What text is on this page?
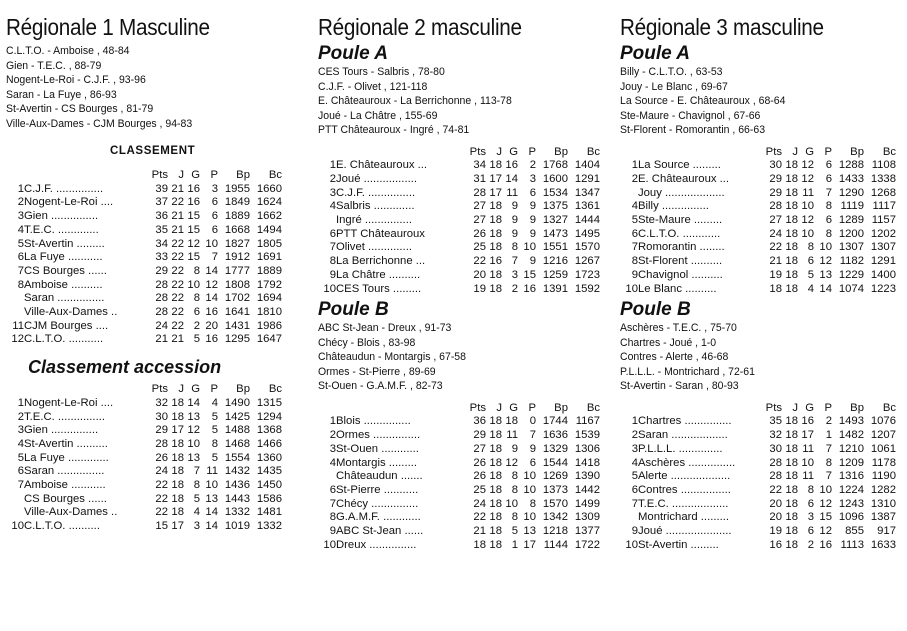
Régionale 1 Masculine
C.L.T.O. - Amboise , 48-84
Gien - T.E.C. , 88-79
Nogent-Le-Roi - C.J.F. , 93-96
Saran - La Fuye , 86-93
St-Avertin - CS Bourges , 81-79
Ville-Aux-Dames - CJM Bourges , 94-83
CLASSEMENT
		Pts	J	G	P	Bp	Bc
1	C.J.F. ...............	39	21	16	3	1955	1660
2	Nogent-Le-Roi ....	37	22	16	6	1849	1624
3	Gien ...............	36	21	15	6	1889	1662
4	T.E.C. .............	35	21	15	6	1668	1494
5	St-Avertin .........	34	22	12	10	1827	1805
6	La Fuye ...........	33	22	15	7	1912	1691
7	CS Bourges ......	29	22	8	14	1777	1889
8	Amboise ..........	28	22	10	12	1808	1792
	Saran ...............	28	22	8	14	1702	1694
	Ville-Aux-Dames ..	28	22	6	16	1641	1810
11	CJM Bourges ....	24	22	2	20	1431	1986
12	C.L.T.O. ...........	21	21	5	16	1295	1647
Classement accession
		Pts	J	G	P	Bp	Bc
1	Nogent-Le-Roi ....	32	18	14	4	1490	1315
2	T.E.C. ...............	30	18	13	5	1425	1294
3	Gien ...............	29	17	12	5	1488	1368
4	St-Avertin ..........	28	18	10	8	1468	1466
5	La Fuye .............	26	18	13	5	1554	1360
6	Saran ...............	24	18	7	11	1432	1435
7	Amboise ...........	22	18	8	10	1436	1450
	CS Bourges ......	22	18	5	13	1443	1586
	Ville-Aux-Dames ..	22	18	4	14	1332	1481
10	C.L.T.O. ..........	15	17	3	14	1019	1332
Régionale 2 masculine
Poule A
CES Tours - Salbris , 78-80
C.J.F. - Olivet , 121-118
E. Châteauroux - La Berrichonne , 113-78
Joué - La Châtre , 155-69
PTT Châteauroux - Ingré , 74-81
		Pts	J	G	P	Bp	Bc
1	E. Châteauroux ...	34	18	16	2	1768	1404
2	Joué .................	31	17	14	3	1600	1291
3	C.J.F. ...............	28	17	11	6	1534	1347
4	Salbris .............	27	18	9	9	1375	1361
	Ingré ...............	27	18	9	9	1327	1444
6	PTT Châteauroux	26	18	9	9	1473	1495
7	Olivet ..............	25	18	8	10	1551	1570
8	La Berrichonne ...	22	16	7	9	1216	1267
9	La Châtre ..........	20	18	3	15	1259	1723
10	CES Tours .........	19	18	2	16	1391	1592
Poule B
ABC St-Jean - Dreux , 91-73
Chécy - Blois , 83-98
Châteaudun - Montargis , 67-58
Ormes - St-Pierre , 89-69
St-Ouen - G.A.M.F. , 82-73
		Pts	J	G	P	Bp	Bc
1	Blois ...............	36	18	18	0	1744	1167
2	Ormes ...............	29	18	11	7	1636	1539
3	St-Ouen ............	27	18	9	9	1329	1306
4	Montargis .........	26	18	12	6	1544	1418
	Châteaudun .......	26	18	8	10	1269	1390
6	St-Pierre ...........	25	18	8	10	1373	1442
7	Chécy ...............	24	18	10	8	1570	1499
8	G.A.M.F. ............	22	18	8	10	1342	1309
9	ABC St-Jean ......	21	18	5	13	1218	1377
10	Dreux ...............	18	18	1	17	1144	1722
Régionale 3 masculine
Poule A
Billy - C.L.T.O. , 63-53
Jouy - Le Blanc , 69-67
La Source - E. Châteauroux , 68-64
Ste-Maure - Chavignol , 67-66
St-Florent - Romorantin , 66-63
		Pts	J	G	P	Bp	Bc
1	La Source .........	30	18	12	6	1288	1108
2	E. Châteauroux ...	29	18	12	6	1433	1338
	Jouy ...................	29	18	11	7	1290	1268
4	Billy ...............	28	18	10	8	1119	1117
5	Ste-Maure .........	27	18	12	6	1289	1157
6	C.L.T.O. ............	24	18	10	8	1200	1202
7	Romorantin ........	22	18	8	10	1307	1307
8	St-Florent ..........	21	18	6	12	1182	1291
9	Chavignol ..........	19	18	5	13	1229	1400
10	Le Blanc ..........	18	18	4	14	1074	1223
Poule B
Aschères - T.E.C. , 75-70
Chartres - Joué , 1-0
Contres - Alerte , 46-68
P.L.L.L. - Montrichard , 72-61
St-Avertin - Saran , 80-93
		Pts	J	G	P	Bp	Bc
1	Chartres ...............	35	18	16	2	1493	1076
2	Saran ..................	32	18	17	1	1482	1207
3	P.L.L.L. ..............	30	18	11	7	1210	1061
4	Aschères ...............	28	18	10	8	1209	1178
5	Alerte ...................	28	18	11	7	1316	1190
6	Contres ................	22	18	8	10	1224	1282
7	T.E.C. ..................	20	18	6	12	1243	1310
	Montrichard .........	20	18	3	15	1096	1387
9	Joué .....................	19	18	6	12	855	917
10	St-Avertin .........	16	18	2	16	1113	1633
